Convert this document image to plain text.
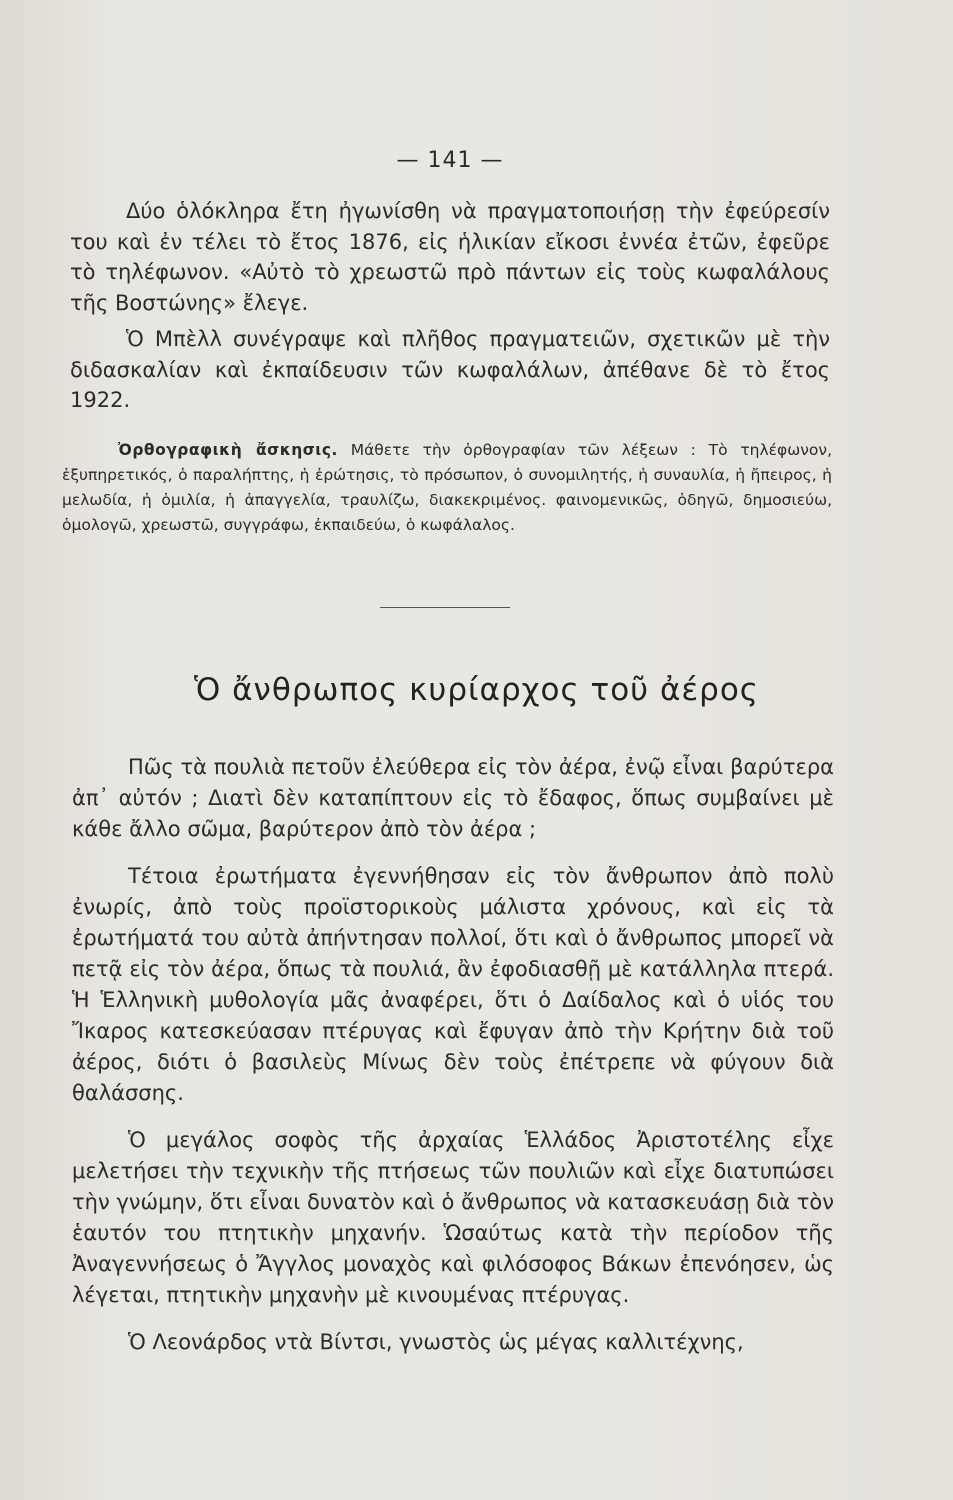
— 141 —

Δύο ὁλόκληρα ἔτη ἠγωνίσθη νὰ πραγματοποιήσῃ τὴν ἐφεύρεσίν του καὶ ἐν τέλει τὸ ἔτος 1876, εἰς ἡλικίαν εἴκοσι ἐννέα ἐτῶν, ἐφεῦρε τὸ τηλέφωνον. «Αὐτὸ τὸ χρεωστῶ πρὸ πάντων εἰς τοὺς κωφαλάλους τῆς Βοστώνης» ἔλεγε.

Ὁ Μπὲλλ συνέγραψε καὶ πλῆθος πραγματειῶν, σχετικῶν μὲ τὴν διδασκαλίαν καὶ ἐκπαίδευσιν τῶν κωφαλάλων, ἀπέθανε δὲ τὸ ἔτος 1922.

Ὀρθογραφικὴ ἄσκησις. Μάθετε τὴν ὀρθογραφίαν τῶν λέξεων : Τὸ τηλέφωνον, ἐξυπηρετικός, ὁ παραλήπτης, ἡ ἐρώτησις, τὸ πρόσωπον, ὁ συνομιλητής, ἡ συναυλία, ἡ ἤπειρος, ἡ μελωδία, ἡ ὁμιλία, ἡ ἀπαγγελία, τραυλίζω, διακεκριμένος. φαινομενικῶς, ὁδηγῶ, δημοσιεύω, ὁμολογῶ, χρεωστῶ, συγγράφω, ἐκπαιδεύω, ὁ κωφάλαλος.

Ὁ ἄνθρωπος κυρίαρχος τοῦ ἀέρος

Πῶς τὰ πουλιὰ πετοῦν ἐλεύθερα εἰς τὸν ἀέρα, ἐνῷ εἶναι βαρύτερα ἀπ᾿ αὐτόν ; Διατὶ δὲν καταπίπτουν εἰς τὸ ἔδαφος, ὅπως συμβαίνει μὲ κάθε ἄλλο σῶμα, βαρύτερον ἀπὸ τὸν ἀέρα ;

Τέτοια ἐρωτήματα ἐγεννήθησαν εἰς τὸν ἄνθρωπον ἀπὸ πολὺ ἐνωρίς, ἀπὸ τοὺς προϊστορικοὺς μάλιστα χρόνους, καὶ εἰς τὰ ἐρωτήματά του αὐτὰ ἀπήντησαν πολλοί, ὅτι καὶ ὁ ἄνθρωπος μπορεῖ νὰ πετᾷ εἰς τὸν ἀέρα, ὅπως τὰ πουλιά, ἂν ἐφοδιασθῇ μὲ κατάλληλα πτερά. Ἡ Ἑλληνικὴ μυθολογία μᾶς ἀναφέρει, ὅτι ὁ Δαίδαλος καὶ ὁ υἱός του Ἴκαρος κατεσκεύασαν πτέρυγας καὶ ἔφυγαν ἀπὸ τὴν Κρήτην διὰ τοῦ ἀέρος, διότι ὁ βασιλεὺς Μίνως δὲν τοὺς ἐπέτρεπε νὰ φύγουν διὰ θαλάσσης.

Ὁ μεγάλος σοφὸς τῆς ἀρχαίας Ἑλλάδος Ἀριστοτέλης εἶχε μελετήσει τὴν τεχνικὴν τῆς πτήσεως τῶν πουλιῶν καὶ εἶχε διατυπώσει τὴν γνώμην, ὅτι εἶναι δυνατὸν καὶ ὁ ἄνθρωπος νὰ κατασκευάσῃ διὰ τὸν ἑαυτόν του πτητικὴν μηχανήν. Ὡσαύτως κατὰ τὴν περίοδον τῆς Ἀναγεννήσεως ὁ Ἄγγλος μοναχὸς καὶ φιλόσοφος Βάκων ἐπενόησεν, ὡς λέγεται, πτητικὴν μηχανὴν μὲ κινουμένας πτέρυγας.

Ὁ Λεονάρδος ντὰ Βίντσι, γνωστὸς ὡς μέγας καλλιτέχνης,
